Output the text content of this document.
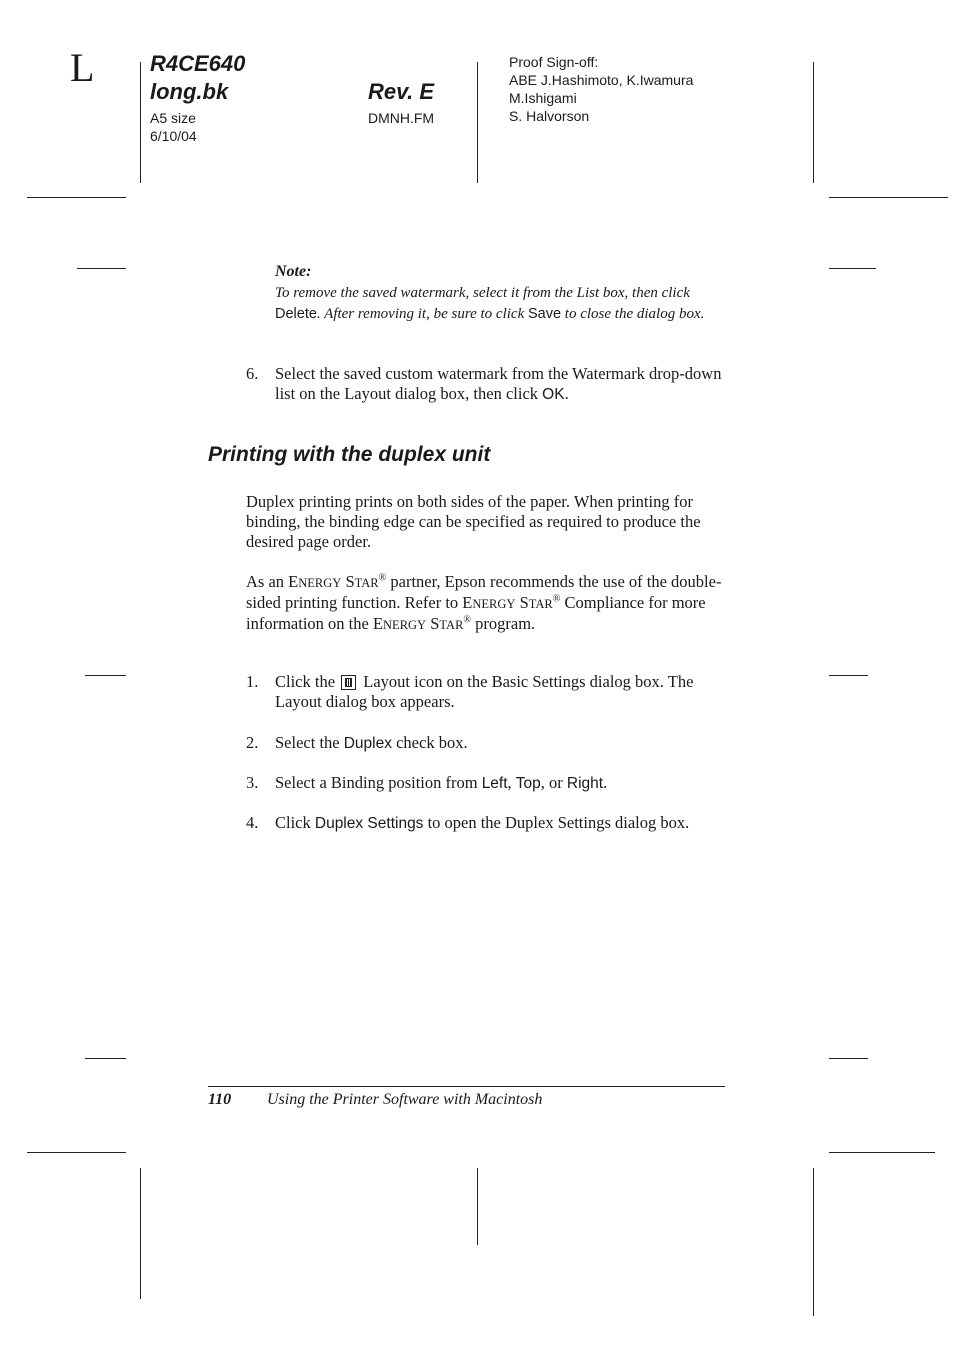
L	R4CE640
long.bk	Rev. E
A5 size
6/10/04
DMNH.FM
Proof Sign-off:
ABE J.Hashimoto, K.Iwamura
M.Ishigami
S. Halvorson
Note:
To remove the saved watermark, select it from the List box, then click Delete. After removing it, be sure to click Save to close the dialog box.
6. Select the saved custom watermark from the Watermark drop-down list on the Layout dialog box, then click OK.
Printing with the duplex unit
Duplex printing prints on both sides of the paper. When printing for binding, the binding edge can be specified as required to produce the desired page order.
As an ENERGY STAR® partner, Epson recommends the use of the double-sided printing function. Refer to ENERGY STAR® Compliance for more information on the ENERGY STAR® program.
1. Click the  Layout icon on the Basic Settings dialog box. The Layout dialog box appears.
2. Select the Duplex check box.
3. Select a Binding position from Left, Top, or Right.
4. Click Duplex Settings to open the Duplex Settings dialog box.
110 Using the Printer Software with Macintosh
